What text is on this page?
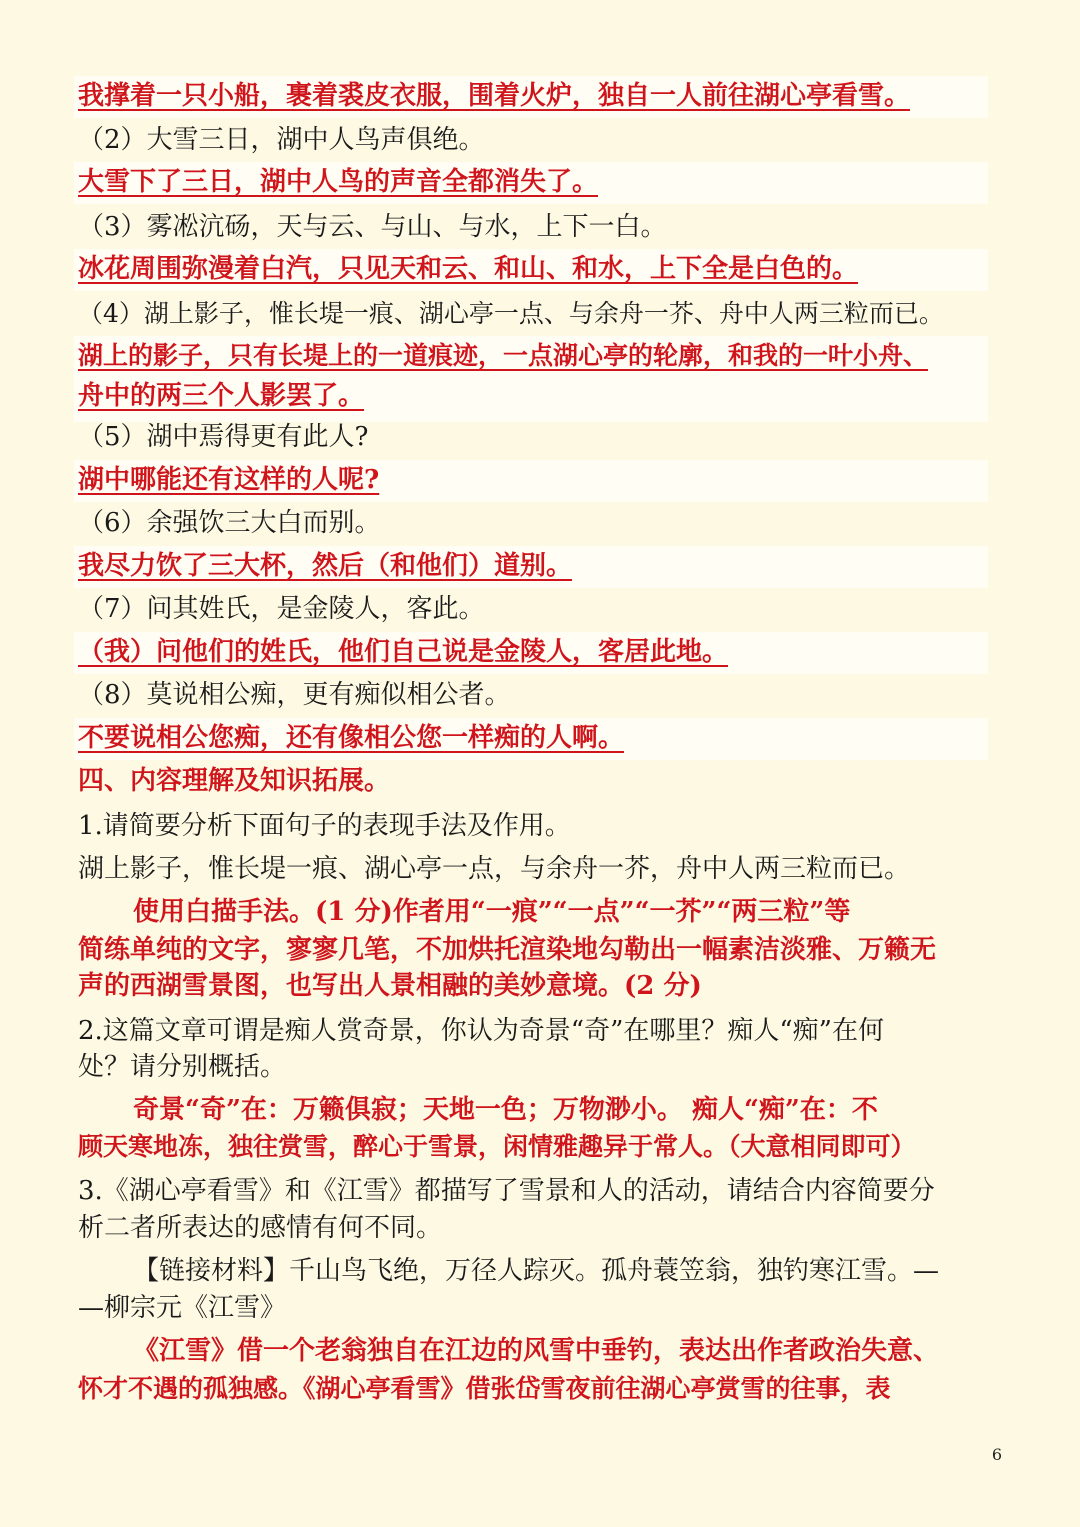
我撑着一只小船，裹着裘皮衣服，围着火炉，独自一人前往湖心亭看雪。
（2）大雪三日，湖中人鸟声俱绝。
大雪下了三日，湖中人鸟的声音全都消失了。
（3）雾凇沆砀，天与云、与山、与水，上下一白。
冰花周围弥漫着白汽，只见天和云、和山、和水，上下全是白色的。
（4）湖上影子，惟长堤一痕、湖心亭一点、与余舟一芥、舟中人两三粒而已。
湖上的影子，只有长堤上的一道痕迹，一点湖心亭的轮廓，和我的一叶小舟、
舟中的两三个人影罢了。
（5）湖中焉得更有此人?
湖中哪能还有这样的人呢?
（6）余强饮三大白而别。
我尽力饮了三大杯，然后（和他们）道别。
（7）问其姓氏，是金陵人，客此。
（我）问他们的姓氏，他们自己说是金陵人，客居此地。
（8）莫说相公痴，更有痴似相公者。
不要说相公您痴，还有像相公您一样痴的人啊。
四、内容理解及知识拓展。
1.请简要分析下面句子的表现手法及作用。
湖上影子，惟长堤一痕、湖心亭一点，与余舟一芥，舟中人两三粒而已。
使用白描手法。(1 分)作者用“一痕”“一点”“一芥”“两三粒”等
简练单纯的文字，寥寥几笔，不加烘托渲染地勾勒出一幅素洁淡雅、万籁无
声的西湖雪景图，也写出人景相融的美妙意境。(2 分)
2.这篇文章可谓是痴人赏奇景，你认为奇景“奇”在哪里？痴人“痴”在何
处？请分别概括。
奇景“奇”在：万籁俱寂；天地一色；万物渺小。 痴人“痴”在：不
顾天寒地冻，独往赏雪，醉心于雪景，闲情雅趣异于常人。（大意相同即可）
3.《湖心亭看雪》和《江雪》都描写了雪景和人的活动，请结合内容简要分
析二者所表达的感情有何不同。
【链接材料】千山鸟飞绝，万径人踪灭。孤舟蓑笠翁，独钓寒江雪。—
—柳宗元《江雪》
《江雪》借一个老翁独自在江边的风雪中垂钓，表达出作者政治失意、
怀才不遇的孤独感。《湖心亭看雪》借张岱雪夜前往湖心亭赏雪的往事，表
6
